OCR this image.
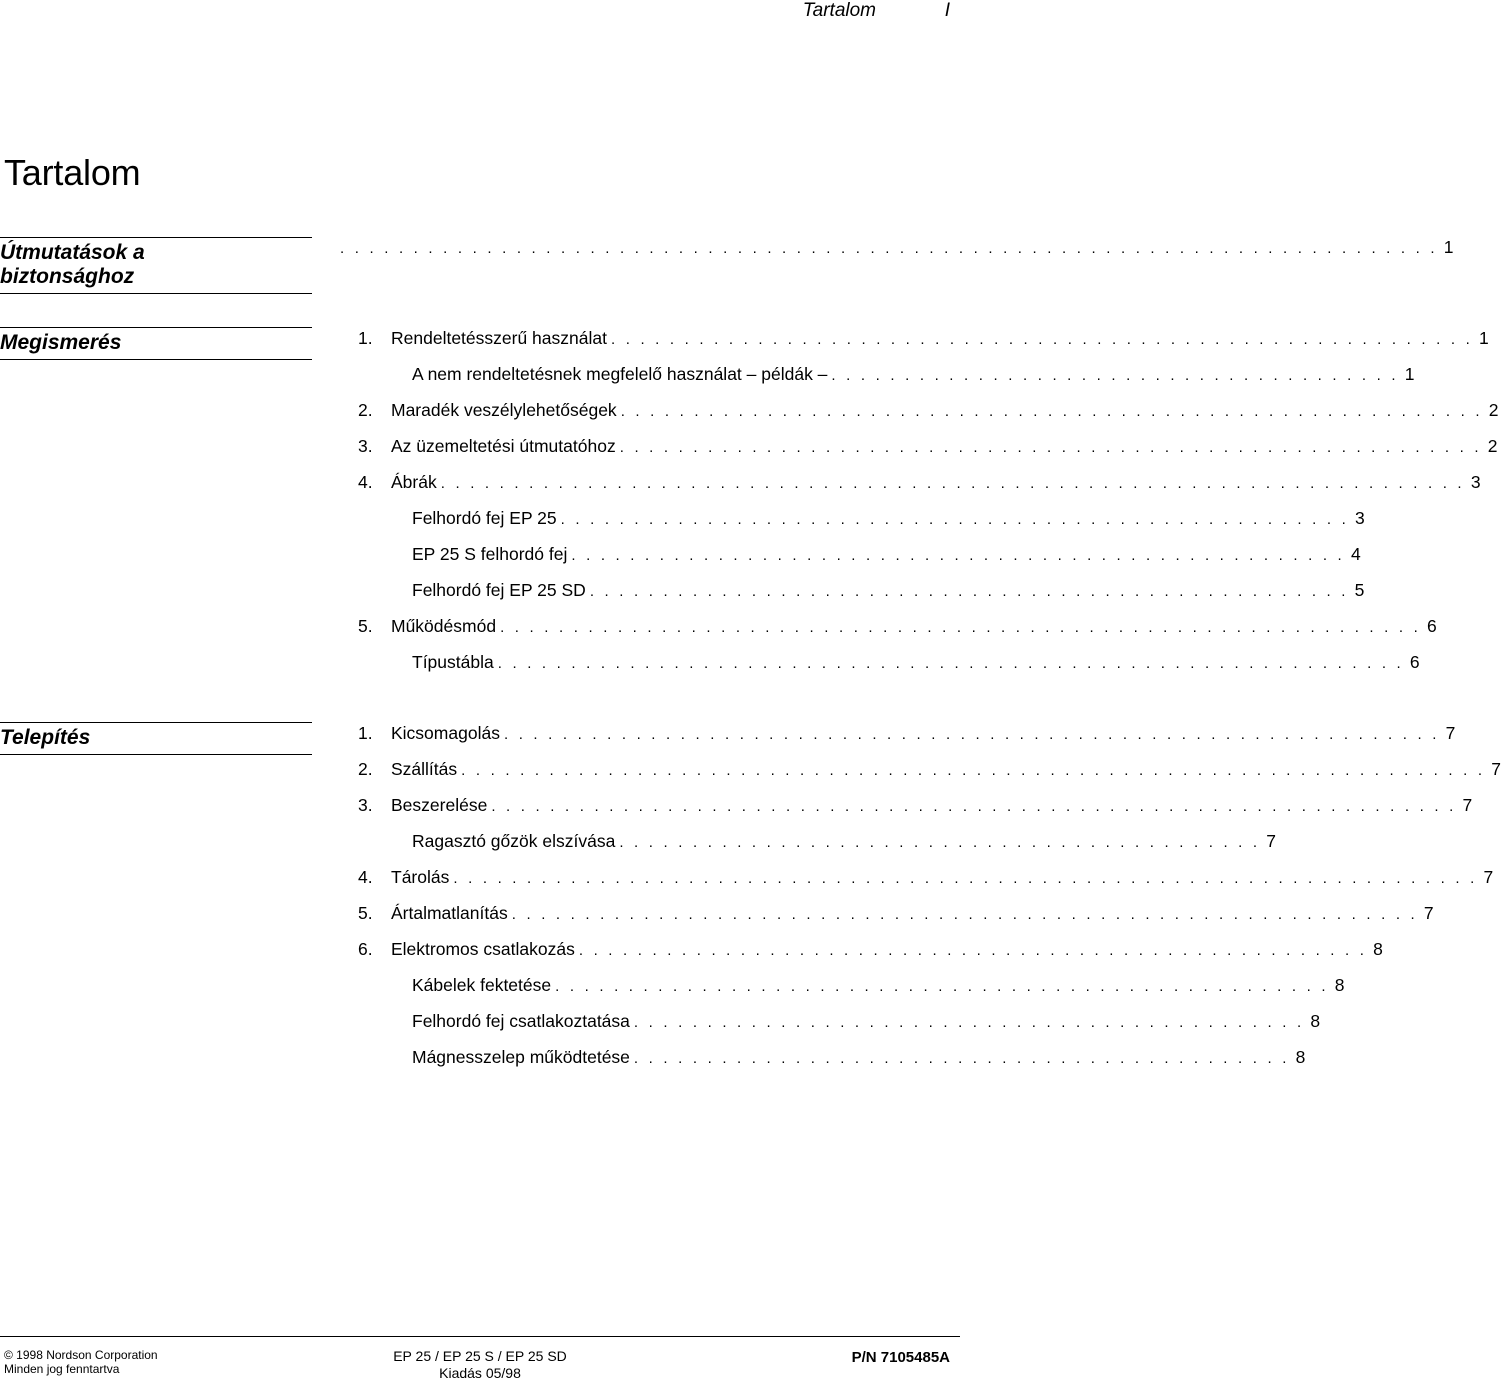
Tartalom	I
Tartalom
Útmutatások a
biztonsághoz
. . . . . . . . . . . . . . . . . . . . . . . . . . . . . . . . . . . . . . . . . . . . . . . . . . . . . . . . . . . . . . . . . . . . . . . . . . . 1
Megismerés	1.	Rendeltetésszerű használat . . . . . . . . . . . . . . . . . . . . . . . . . . . . . . . . . . . . . . . . . . . . . . . . . . . . . . . . . . . 1
A nem rendeltetésnek megfelelő használat – példák – . . . . . . . . . . . . . . . . . . . . . . . . . . . . . . . . . . . . . . . 1
2.	Maradék veszélylehetőségek . . . . . . . . . . . . . . . . . . . . . . . . . . . . . . . . . . . . . . . . . . . . . . . . . . . . . . . . . . . 2
3.	Az üzemeltetési útmutatóhoz . . . . . . . . . . . . . . . . . . . . . . . . . . . . . . . . . . . . . . . . . . . . . . . . . . . . . . . . . . . 2
4.	Ábrák . . . . . . . . . . . . . . . . . . . . . . . . . . . . . . . . . . . . . . . . . . . . . . . . . . . . . . . . . . . . . . . . . . . . . . 3
Felhordó fej EP 25 . . . . . . . . . . . . . . . . . . . . . . . . . . . . . . . . . . . . . . . . . . . . . . . . . . . . . . 3
EP 25 S felhordó fej . . . . . . . . . . . . . . . . . . . . . . . . . . . . . . . . . . . . . . . . . . . . . . . . . . . . . 4
Felhordó fej EP 25 SD . . . . . . . . . . . . . . . . . . . . . . . . . . . . . . . . . . . . . . . . . . . . . . . . . . . . 5
5.	Működésmód . . . . . . . . . . . . . . . . . . . . . . . . . . . . . . . . . . . . . . . . . . . . . . . . . . . . . . . . . . . . . . . 6
Típustábla . . . . . . . . . . . . . . . . . . . . . . . . . . . . . . . . . . . . . . . . . . . . . . . . . . . . . . . . . . . . . . 6
Telepítés	1.	Kicsomagolás . . . . . . . . . . . . . . . . . . . . . . . . . . . . . . . . . . . . . . . . . . . . . . . . . . . . . . . . . . . . . . . . 7
2.	Szállítás . . . . . . . . . . . . . . . . . . . . . . . . . . . . . . . . . . . . . . . . . . . . . . . . . . . . . . . . . . . . . . . . . . . . . . 7
3.	Beszerelése . . . . . . . . . . . . . . . . . . . . . . . . . . . . . . . . . . . . . . . . . . . . . . . . . . . . . . . . . . . . . . . . . . 7
Ragasztó gőzök elszívása . . . . . . . . . . . . . . . . . . . . . . . . . . . . . . . . . . . . . . . . . . . . 7
4.	Tárolás . . . . . . . . . . . . . . . . . . . . . . . . . . . . . . . . . . . . . . . . . . . . . . . . . . . . . . . . . . . . . . . . . . . . . . 7
5.	Ártalmatlanítás . . . . . . . . . . . . . . . . . . . . . . . . . . . . . . . . . . . . . . . . . . . . . . . . . . . . . . . . . . . . . . 7
6.	Elektromos csatlakozás . . . . . . . . . . . . . . . . . . . . . . . . . . . . . . . . . . . . . . . . . . . . . . . . . . . . . . 8
Kábelek fektetése . . . . . . . . . . . . . . . . . . . . . . . . . . . . . . . . . . . . . . . . . . . . . . . . . . . . . 8
Felhordó fej csatlakoztatása . . . . . . . . . . . . . . . . . . . . . . . . . . . . . . . . . . . . . . . . . . . . . . 8
Mágnesszelep működtetése . . . . . . . . . . . . . . . . . . . . . . . . . . . . . . . . . . . . . . . . . . . . . 8
© 1998 Nordson Corporation
Minden jog fenntartva
EP 25 / EP 25 S / EP 25 SD
Kiadás 05/98
P/N 7105485A
